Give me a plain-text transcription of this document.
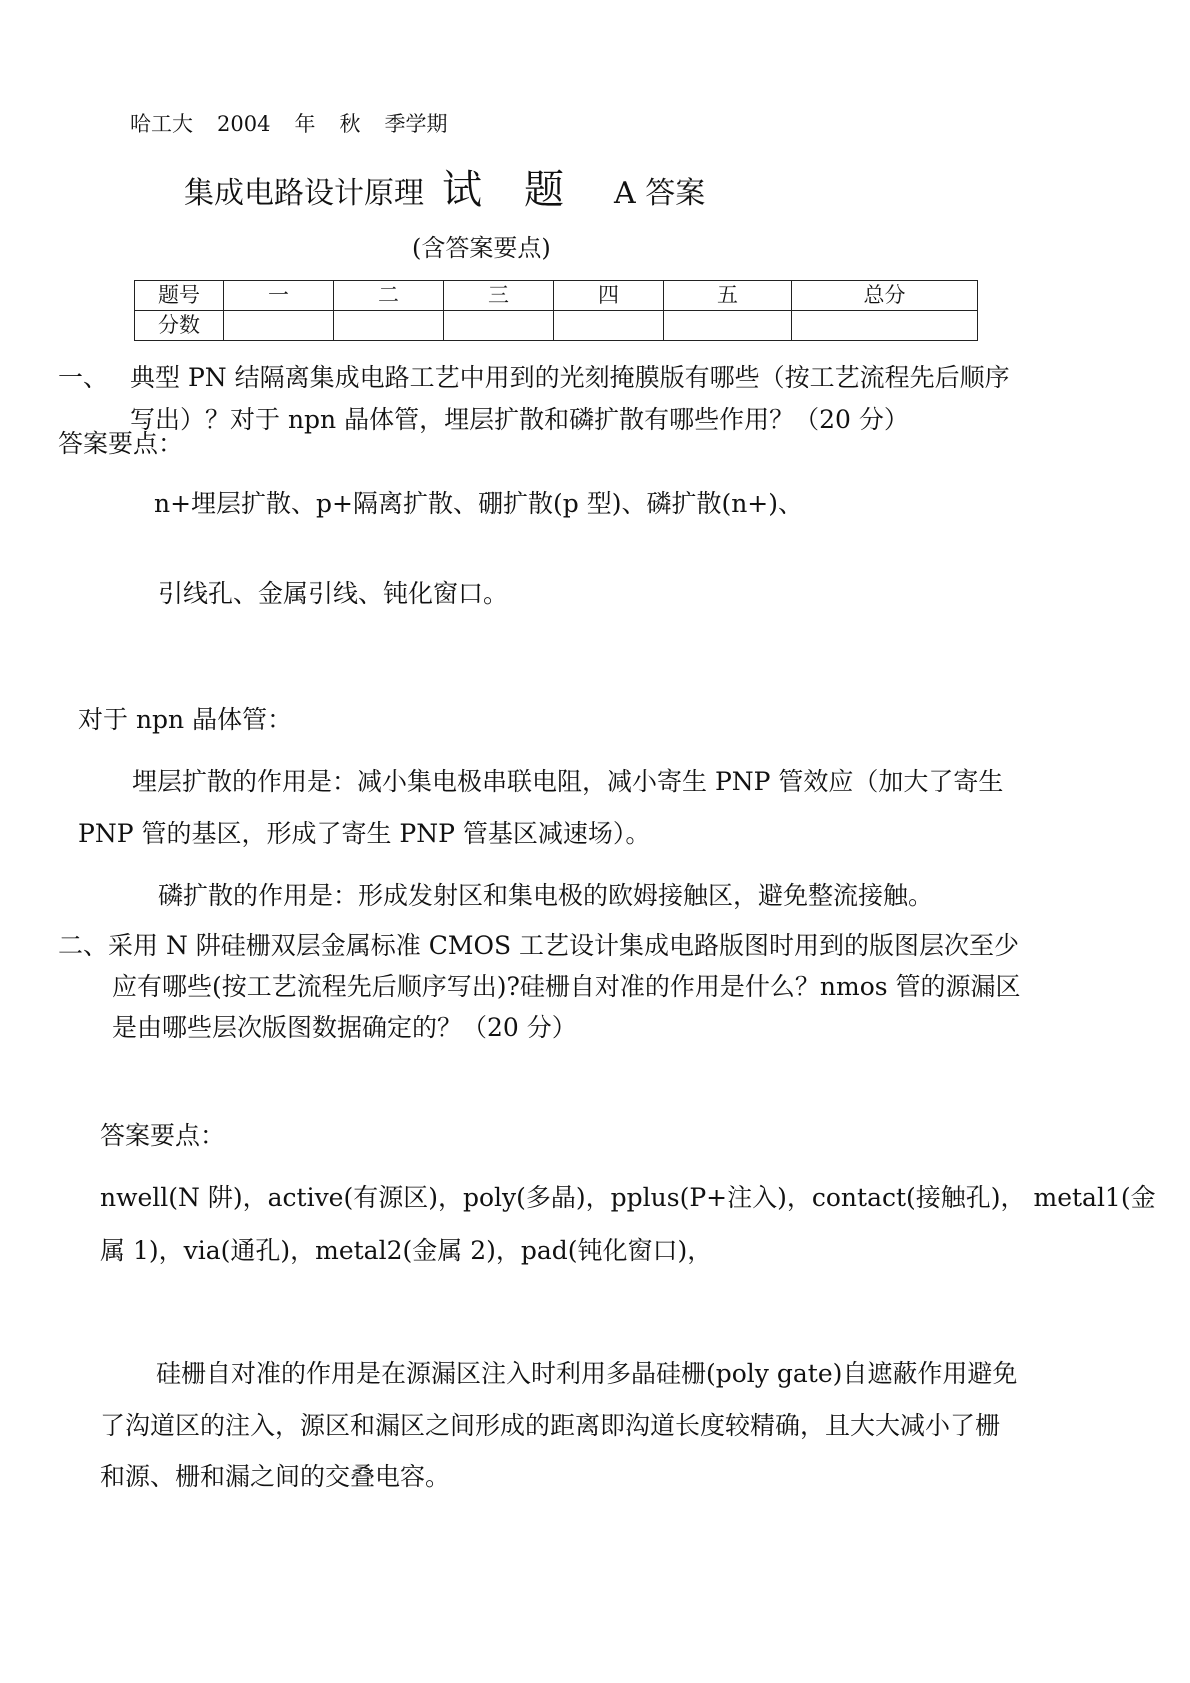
哈工大 2004 年 秋 季学期
集成电路设计原理 试题 A 答案
(含答案要点)
题号	一	二	三	四	五	总分
分数						
一、 典型 PN 结隔离集成电路工艺中用到的光刻掩膜版有哪些（按工艺流程先后顺序
写出）？对于 npn 晶体管，埋层扩散和磷扩散有哪些作用？（20 分）
答案要点：
n+埋层扩散、p+隔离扩散、硼扩散(p 型)、磷扩散(n+)、
引线孔、金属引线、钝化窗口。
对于 npn 晶体管：
埋层扩散的作用是：减小集电极串联电阻，减小寄生 PNP 管效应（加大了寄生
PNP 管的基区，形成了寄生 PNP 管基区减速场）。
磷扩散的作用是：形成发射区和集电极的欧姆接触区，避免整流接触。
二、采用 N 阱硅栅双层金属标准 CMOS 工艺设计集成电路版图时用到的版图层次至少
应有哪些(按工艺流程先后顺序写出)?硅栅自对准的作用是什么？nmos 管的源漏区
是由哪些层次版图数据确定的？（20 分）
答案要点：
nwell(N 阱)，active(有源区)，poly(多晶)，pplus(P+注入)，contact(接触孔)， metal1(金
属 1)，via(通孔)，metal2(金属 2)，pad(钝化窗口)，
硅栅自对准的作用是在源漏区注入时利用多晶硅栅(poly gate)自遮蔽作用避免
了沟道区的注入，源区和漏区之间形成的距离即沟道长度较精确，且大大减小了栅
和源、栅和漏之间的交叠电容。
